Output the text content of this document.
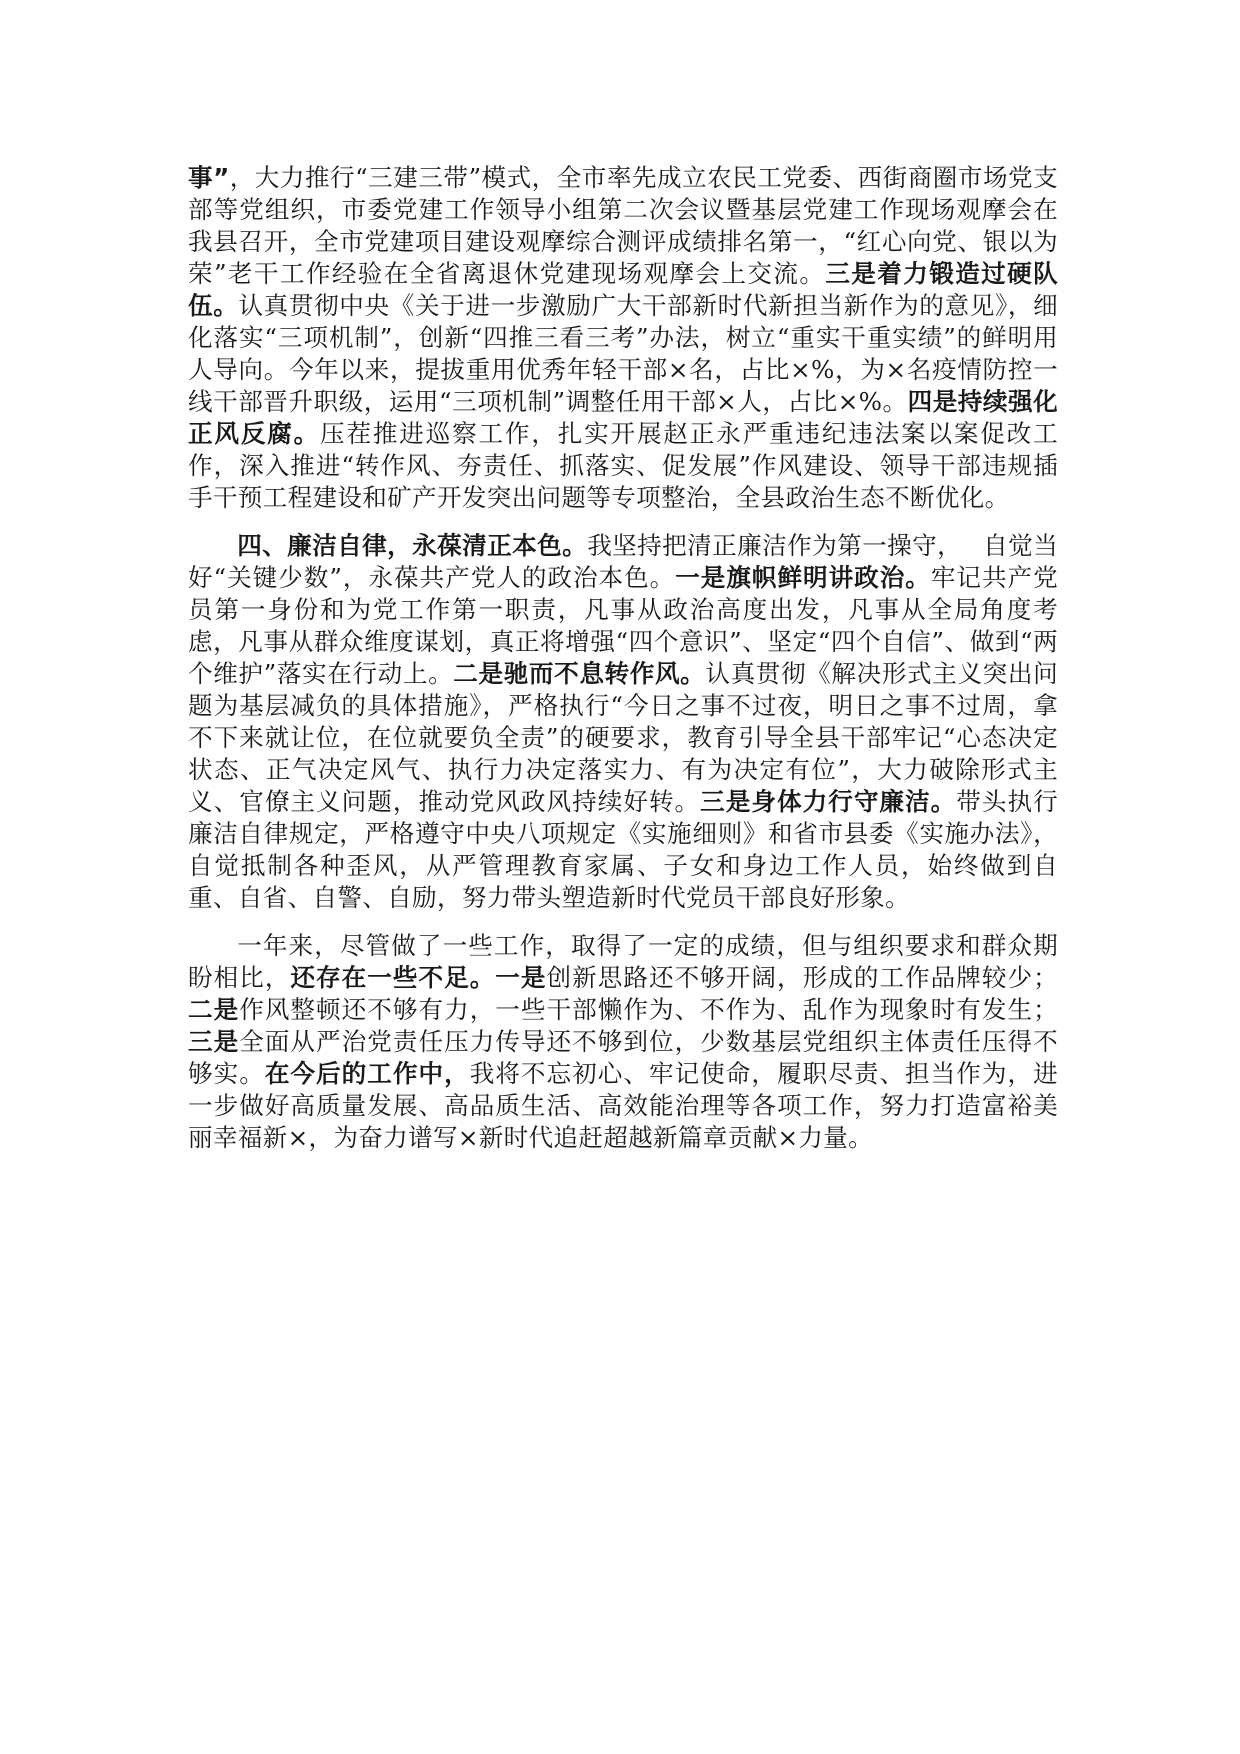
事”，大力推行“三建三带”模式，全市率先成立农民工党委、西街商圈市场党支部等党组织，市委党建工作领导小组第二次会议暨基层党建工作现场观摩会在我县召开，全市党建项目建设观摩综合测评成绩排名第一，“红心向党、银以为荣”老干工作经验在全省离退休党建现场观摩会上交流。三是着力锻造过硬队伍。认真贯彻中央《关于进一步激励广大干部新时代新担当新作为的意见》，细化落实“三项机制”，创新“四推三看三考”办法，树立“重实干重实绩”的鲜明用人导向。今年以来，提拔重用优秀年轻干部×名，占比×%，为×名疫情防控一线干部晋升职级，运用“三项机制”调整任用干部×人，占比×%。四是持续强化正风反腐。压茬推进巡察工作，扎实开展赵正永严重违纪违法案以案促改工作，深入推进“转作风、夯责任、抓落实、促发展”作风建设、领导干部违规插手干预工程建设和矿产开发突出问题等专项整治，全县政治生态不断优化。

四、廉洁自律，永葆清正本色。我坚持把清正廉洁作为第一操守，　 自觉当好“关键少数”，永葆共产党人的政治本色。一是旗帜鲜明讲政治。牢记共产党员第一身份和为党工作第一职责，凡事从政治高度出发，凡事从全局角度考虑，凡事从群众维度谋划，真正将增强“四个意识”、坚定“四个自信”、做到“两个维护”落实在行动上。二是驰而不息转作风。认真贯彻《解决形式主义突出问题为基层减负的具体措施》，严格执行“今日之事不过夜，明日之事不过周，拿不下来就让位，在位就要负全责”的硬要求，教育引导全县干部牢记“心态决定状态、正气决定风气、执行力决定落实力、有为决定有位”，大力破除形式主义、官僚主义问题，推动党风政风持续好转。三是身体力行守廉洁。带头执行廉洁自律规定，严格遵守中央八项规定《实施细则》和省市县委《实施办法》，自觉抵制各种歪风，从严管理教育家属、子女和身边工作人员，始终做到自重、自省、自警、自励，努力带头塑造新时代党员干部良好形象。

一年来，尽管做了一些工作，取得了一定的成绩，但与组织要求和群众期盼相比，还存在一些不足。一是创新思路还不够开阔，形成的工作品牌较少；二是作风整顿还不够有力，一些干部懒作为、不作为、乱作为现象时有发生；三是全面从严治党责任压力传导还不够到位，少数基层党组织主体责任压得不够实。在今后的工作中，我将不忘初心、牢记使命，履职尽责、担当作为，进一步做好高质量发展、高品质生活、高效能治理等各项工作，努力打造富裕美丽幸福新×，为奋力谱写×新时代追赶超越新篇章贡献×力量。
